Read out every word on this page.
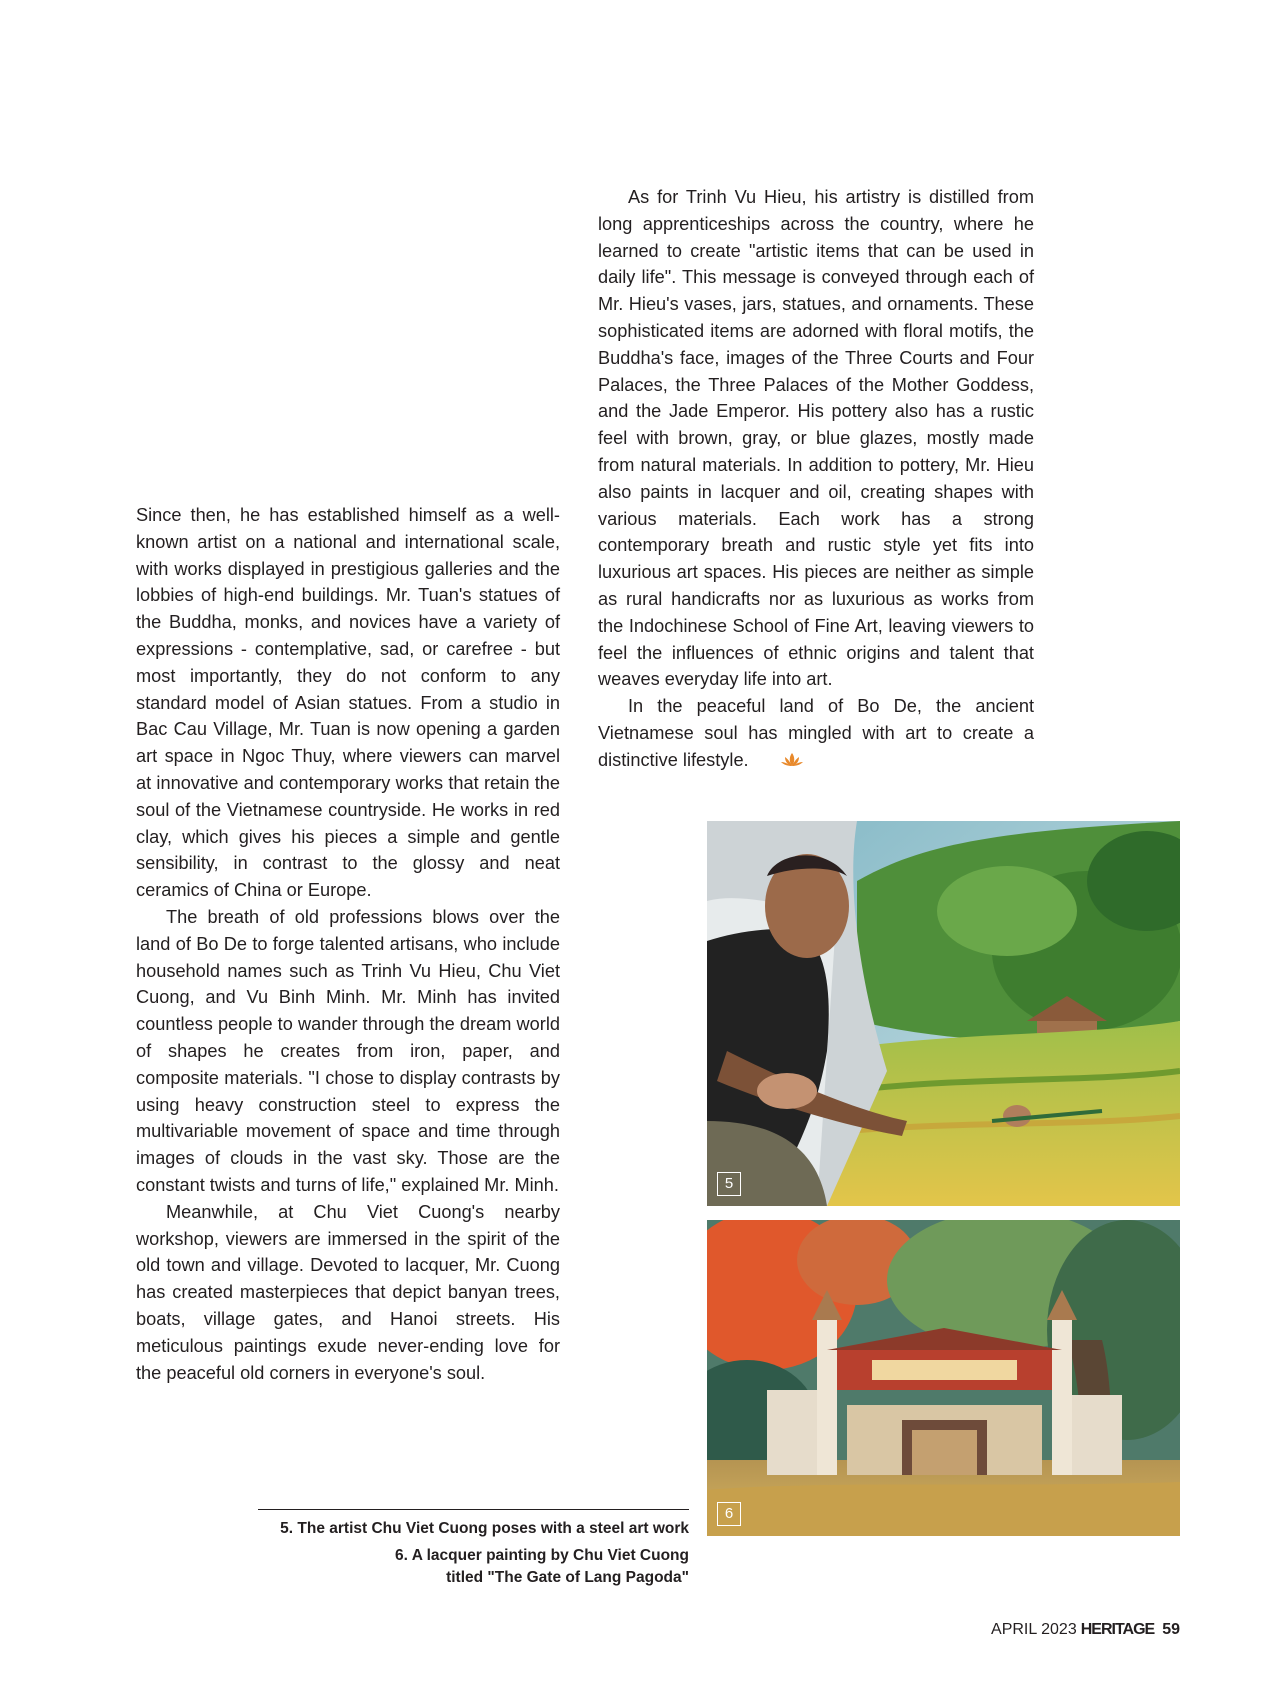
Since then, he has established himself as a well-known artist on a national and international scale, with works displayed in prestigious galleries and the lobbies of high-end buildings. Mr. Tuan's statues of the Buddha, monks, and novices have a variety of expressions - contemplative, sad, or carefree - but most importantly, they do not conform to any standard model of Asian statues. From a studio in Bac Cau Village, Mr. Tuan is now opening a garden art space in Ngoc Thuy, where viewers can marvel at innovative and contemporary works that retain the soul of the Vietnamese countryside. He works in red clay, which gives his pieces a simple and gentle sensibility, in contrast to the glossy and neat ceramics of China or Europe.

The breath of old professions blows over the land of Bo De to forge talented artisans, who include household names such as Trinh Vu Hieu, Chu Viet Cuong, and Vu Binh Minh. Mr. Minh has invited countless people to wander through the dream world of shapes he creates from iron, paper, and composite materials. "I chose to display contrasts by using heavy construction steel to express the multivariable movement of space and time through images of clouds in the vast sky. Those are the constant twists and turns of life," explained Mr. Minh.

Meanwhile, at Chu Viet Cuong's nearby workshop, viewers are immersed in the spirit of the old town and village. Devoted to lacquer, Mr. Cuong has created masterpieces that depict banyan trees, boats, village gates, and Hanoi streets. His meticulous paintings exude never-ending love for the peaceful old corners in everyone's soul.

As for Trinh Vu Hieu, his artistry is distilled from long apprenticeships across the country, where he learned to create "artistic items that can be used in daily life". This message is conveyed through each of Mr. Hieu's vases, jars, statues, and ornaments. These sophisticated items are adorned with floral motifs, the Buddha's face, images of the Three Courts and Four Palaces, the Three Palaces of the Mother Goddess, and the Jade Emperor. His pottery also has a rustic feel with brown, gray, or blue glazes, mostly made from natural materials. In addition to pottery, Mr. Hieu also paints in lacquer and oil, creating shapes with various materials. Each work has a strong contemporary breath and rustic style yet fits into luxurious art spaces. His pieces are neither as simple as rural handicrafts nor as luxurious as works from the Indochinese School of Fine Art, leaving viewers to feel the influences of ethnic origins and talent that weaves everyday life into art.

In the peaceful land of Bo De, the ancient Vietnamese soul has mingled with art to create a distinctive lifestyle.

5
6
5. The artist Chu Viet Cuong poses with a steel art work
6. A lacquer painting by Chu Viet Cuong
titled "The Gate of Lang Pagoda"
APRIL 2023 HERITAGE 59
